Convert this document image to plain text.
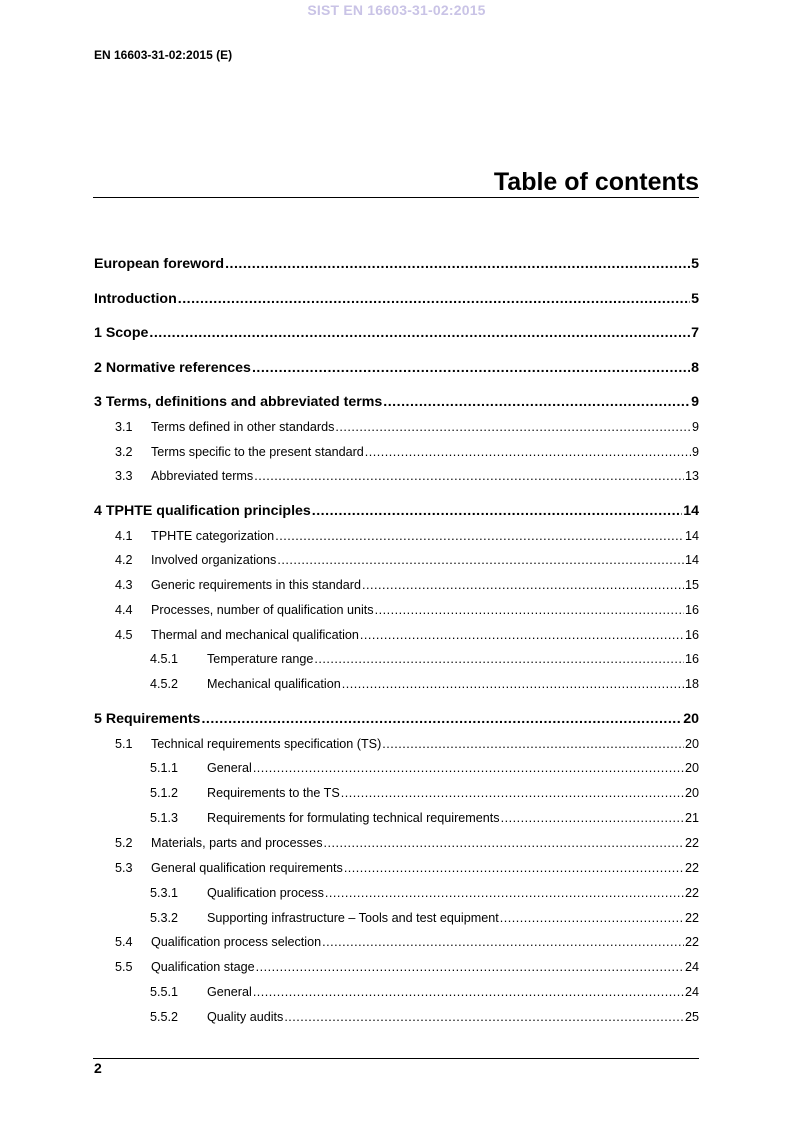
SIST EN 16603-31-02:2015
EN 16603-31-02:2015 (E)
Table of contents
European foreword .....	5
Introduction .....	5
1 Scope .....	7
2 Normative references .....	8
3 Terms, definitions and abbreviated terms .....	9
3.1	Terms defined in other standards .....	9
3.2	Terms specific to the present standard .....	9
3.3	Abbreviated terms .....	13
4 TPHTE qualification principles .....	14
4.1	TPHTE categorization .....	14
4.2	Involved organizations .....	14
4.3	Generic requirements in this standard .....	15
4.4	Processes, number of qualification units .....	16
4.5	Thermal and mechanical qualification .....	16
4.5.1	Temperature range .....	16
4.5.2	Mechanical qualification .....	18
5 Requirements .....	20
5.1	Technical requirements specification (TS) .....	20
5.1.1	General .....	20
5.1.2	Requirements to the TS .....	20
5.1.3	Requirements for formulating technical requirements .....	21
5.2	Materials, parts and processes .....	22
5.3	General qualification requirements .....	22
5.3.1	Qualification process .....	22
5.3.2	Supporting infrastructure – Tools and test equipment .....	22
5.4	Qualification process selection .....	22
5.5	Qualification stage .....	24
5.5.1	General .....	24
5.5.2	Quality audits .....	25
2
